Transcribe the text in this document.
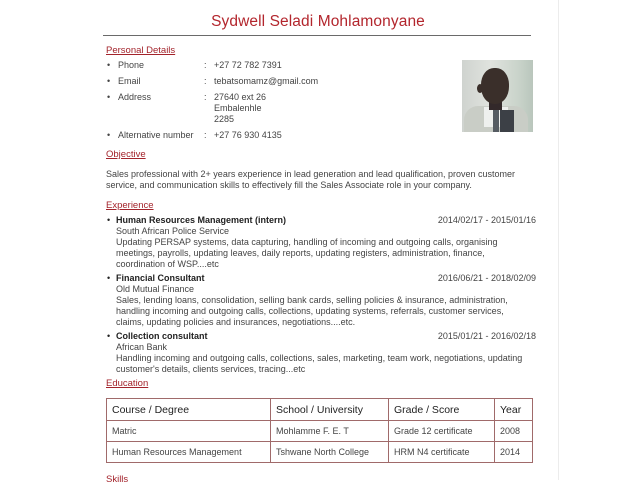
Sydwell Seladi Mohlamonyane
Personal Details
• Phone	: +27 72 782 7391
• Email	: tebatsomamz@gmail.com
• Address	: 27640 ext 26
Embalenhle
2285
• Alternative number : +27 76 930 4135
Objective
Sales professional with 2+ years experience in lead generation and lead qualification, proven customer
service, and communication skills to effectively fill the Sales Associate role in your company.
Experience
• Human Resources Management (intern)	2014/02/17 - 2015/01/16
South African Police Service
Updating PERSAP systems, data capturing, handling of incoming and outgoing calls, organising
meetings, payrolls, updating leaves, daily reports, updating registers, administration, finance,
coordination of WSP....etc
• Financial Consultant	2016/06/21 - 2018/02/09
Old Mutual Finance
Sales, lending loans, consolidation, selling bank cards, selling policies & insurance, administration,
handling incoming and outgoing calls, collections, updating systems, referrals, customer services,
claims, updating policies and insurances, negotiations....etc.
• Collection consultant	2015/01/21 - 2016/02/18
African Bank
Handling incoming and outgoing calls, collections, sales, marketing, team work, negotiations, updating
customer's details, clients services, tracing...etc
Education
Course / Degree	School / University	Grade / Score	Year
Matric	Mohlamme F. E. T	Grade 12 certificate	2008
Human Resources Management	Tshwane North College	HRM N4 certificate	2014
Skills
